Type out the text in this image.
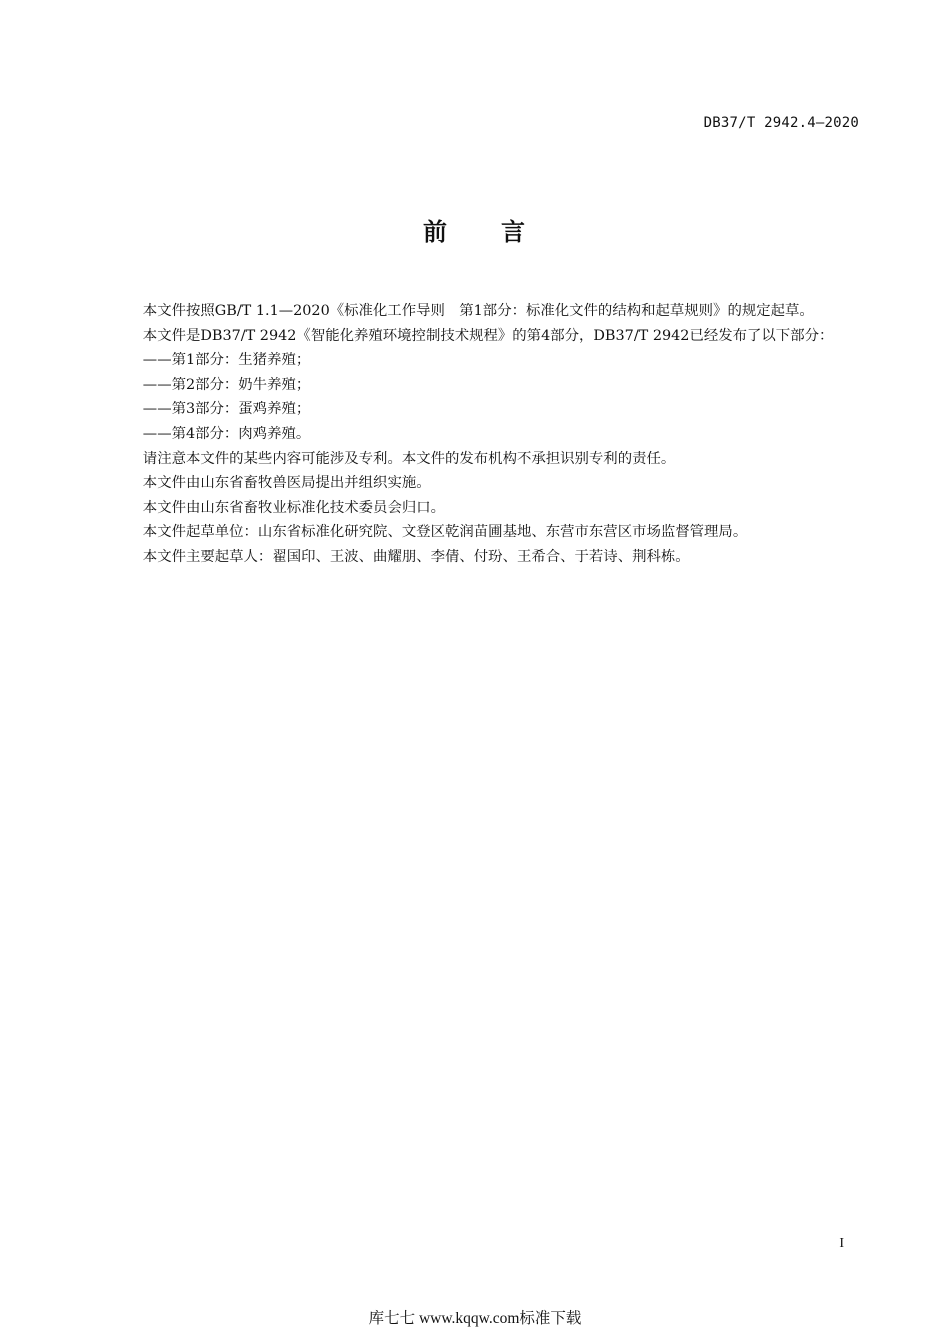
DB37/T 2942.4—2020
前 言

本文件按照GB/T 1.1—2020《标准化工作导则　第1部分：标准化文件的结构和起草规则》的规定起草。

本文件是DB37/T 2942《智能化养殖环境控制技术规程》的第4部分，DB37/T 2942已经发布了以下部分：

——第1部分：生猪养殖；

——第2部分：奶牛养殖；

——第3部分：蛋鸡养殖；

——第4部分：肉鸡养殖。

请注意本文件的某些内容可能涉及专利。本文件的发布机构不承担识别专利的责任。

本文件由山东省畜牧兽医局提出并组织实施。

本文件由山东省畜牧业标准化技术委员会归口。

本文件起草单位：山东省标准化研究院、文登区乾润苗圃基地、东营市东营区市场监督管理局。

本文件主要起草人：翟国印、王波、曲耀朋、李倩、付玢、王希合、于若诗、荆科栋。

I
库七七 www.kqqw.com标准下载
